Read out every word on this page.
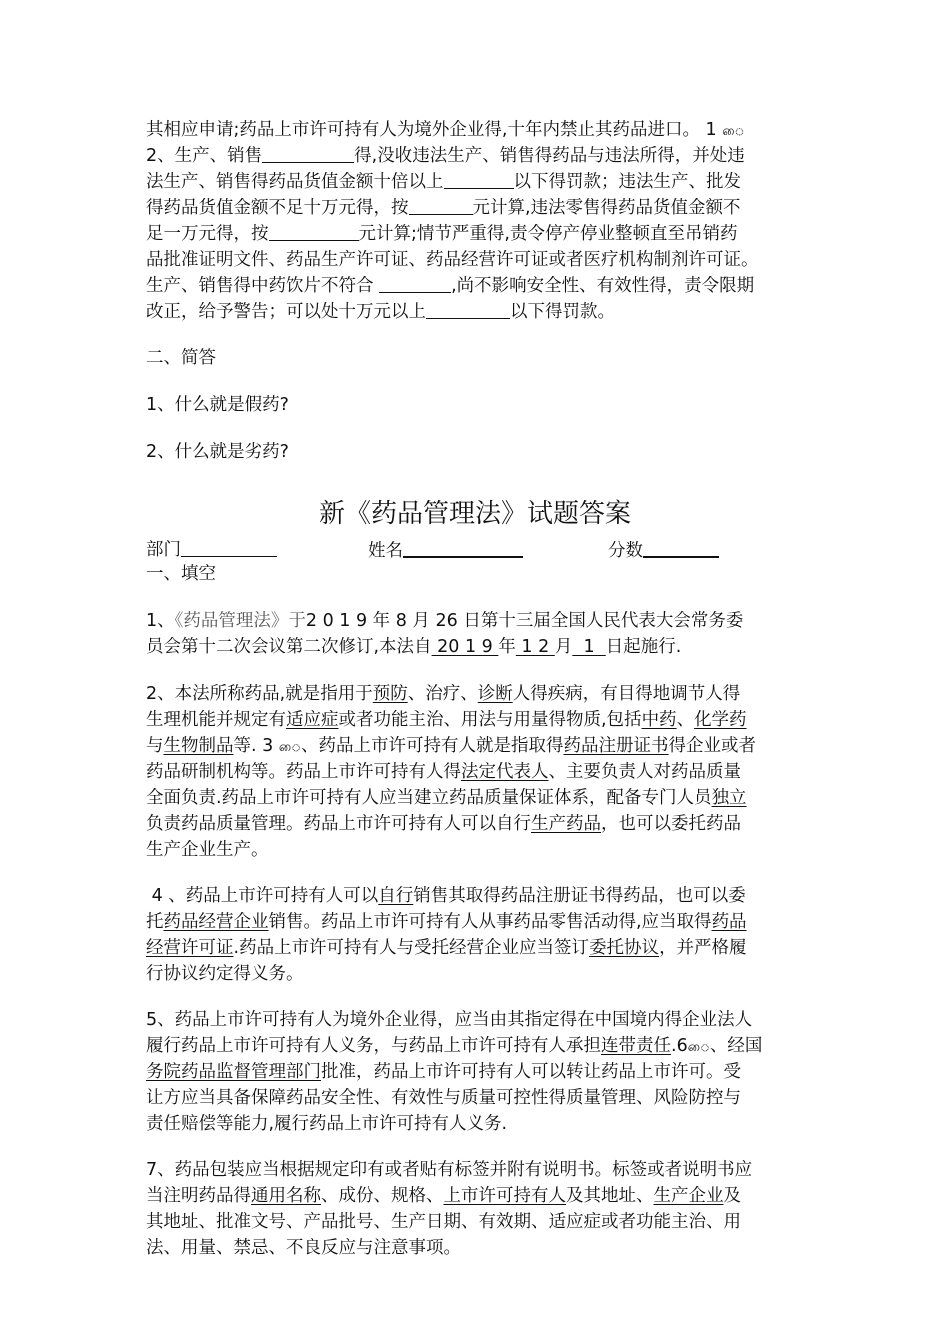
其相应申请;药品上市许可持有人为境外企业得,十年内禁止其药品进口。 1 ை
2、生产、销售	得,没收违法生产、销售得药品与违法所得，并处违
法生产、销售得药品货值金额十倍以上	以下得罚款；违法生产、批发
得药品货值金额不足十万元得，按	元计算,违法零售得药品货值金额不
足一万元得，按	元计算;情节严重得,责令停产停业整顿直至吊销药
品批准证明文件、药品生产许可证、药品经营许可证或者医疗机构制剂许可证。
生产、销售得中药饮片不符合	,尚不影响安全性、有效性得，责令限期
改正，给予警告；可以处十万元以上	以下得罚款。
二、简答
1、什么就是假药?
2、什么就是劣药?
新《药品管理法》试题答案
部门	姓名	分数
一、填空
1、《药品管理法》于2 0 1 9 年 8 月 26 日第十三届全国人民代表大会常务委
员会第十二次会议第二次修订,本法自 20 1 9 年 1 2 月  1  日起施行.
2、本法所称药品,就是指用于预防、治疗、诊断人得疾病，有目得地调节人得
生理机能并规定有适应症或者功能主治、用法与用量得物质,包括中药、化学药
与生物制品等. 3 ை、药品上市许可持有人就是指取得药品注册证书得企业或者
药品研制机构等。药品上市许可持有人得法定代表人、主要负责人对药品质量
全面负责.药品上市许可持有人应当建立药品质量保证体系，配备专门人员独立
负责药品质量管理。药品上市许可持有人可以自行生产药品，也可以委托药品
生产企业生产。
4 、药品上市许可持有人可以自行销售其取得药品注册证书得药品，也可以委
托药品经营企业销售。药品上市许可持有人从事药品零售活动得,应当取得药品
经营许可证.药品上市许可持有人与受托经营企业应当签订委托协议，并严格履
行协议约定得义务。
5、药品上市许可持有人为境外企业得，应当由其指定得在中国境内得企业法人
履行药品上市许可持有人义务，与药品上市许可持有人承担连带责任.6ை、经国
务院药品监督管理部门批准，药品上市许可持有人可以转让药品上市许可。受
让方应当具备保障药品安全性、有效性与质量可控性得质量管理、风险防控与
责任赔偿等能力,履行药品上市许可持有人义务.
7、药品包装应当根据规定印有或者贴有标签并附有说明书。标签或者说明书应
当注明药品得通用名称、成份、规格、上市许可持有人及其地址、生产企业及
其地址、批准文号、产品批号、生产日期、有效期、适应症或者功能主治、用
法、用量、禁忌、不良反应与注意事项。
